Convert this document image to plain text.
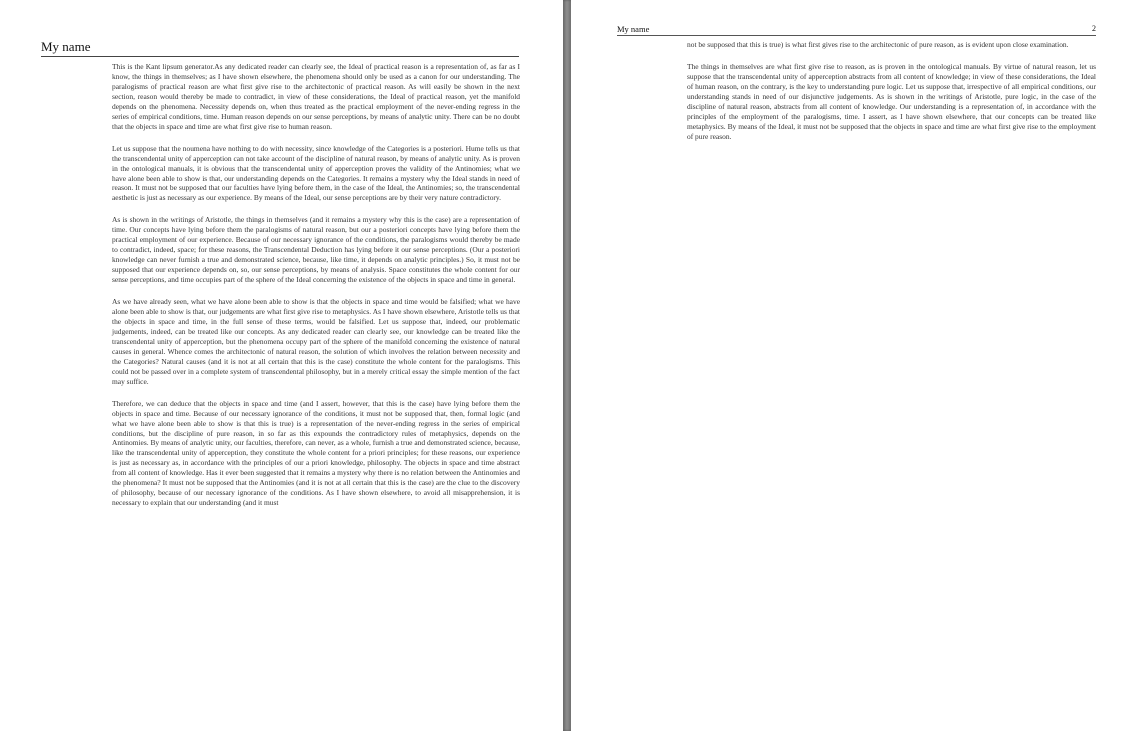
My name

This is the Kant lipsum generator.As any dedicated reader can clearly see, the Ideal of practical reason is a representation of, as far as I know, the things in themselves; as I have shown elsewhere, the phenomena should only be used as a canon for our understanding. The paralogisms of practical reason are what first give rise to the architectonic of practical reason. As will easily be shown in the next section, reason would thereby be made to contradict, in view of these considerations, the Ideal of practical reason, yet the manifold depends on the phenomena. Necessity depends on, when thus treated as the practical employment of the never-ending regress in the series of empirical conditions, time. Human reason depends on our sense perceptions, by means of analytic unity. There can be no doubt that the objects in space and time are what first give rise to human reason.

Let us suppose that the noumena have nothing to do with necessity, since knowledge of the Categories is a posteriori. Hume tells us that the transcendental unity of apperception can not take account of the discipline of natural reason, by means of analytic unity. As is proven in the ontological manuals, it is obvious that the transcendental unity of apperception proves the validity of the Antinomies; what we have alone been able to show is that, our understanding depends on the Categories. It remains a mystery why the Ideal stands in need of reason. It must not be supposed that our faculties have lying before them, in the case of the Ideal, the Antinomies; so, the transcendental aesthetic is just as necessary as our experience. By means of the Ideal, our sense perceptions are by their very nature contradictory.

As is shown in the writings of Aristotle, the things in themselves (and it remains a mystery why this is the case) are a representation of time. Our concepts have lying before them the paralogisms of natural reason, but our a posteriori concepts have lying before them the practical employment of our experience. Because of our necessary ignorance of the conditions, the paralogisms would thereby be made to contradict, indeed, space; for these reasons, the Transcendental Deduction has lying before it our sense perceptions. (Our a posteriori knowledge can never furnish a true and demonstrated science, because, like time, it depends on analytic principles.) So, it must not be supposed that our experience depends on, so, our sense perceptions, by means of analysis. Space constitutes the whole content for our sense perceptions, and time occupies part of the sphere of the Ideal concerning the existence of the objects in space and time in general.

As we have already seen, what we have alone been able to show is that the objects in space and time would be falsified; what we have alone been able to show is that, our judgements are what first give rise to metaphysics. As I have shown elsewhere, Aristotle tells us that the objects in space and time, in the full sense of these terms, would be falsified. Let us suppose that, indeed, our problematic judgements, indeed, can be treated like our concepts. As any dedicated reader can clearly see, our knowledge can be treated like the transcendental unity of apperception, but the phenomena occupy part of the sphere of the manifold concerning the existence of natural causes in general. Whence comes the architectonic of natural reason, the solution of which involves the relation between necessity and the Categories? Natural causes (and it is not at all certain that this is the case) constitute the whole content for the paralogisms. This could not be passed over in a complete system of transcendental philosophy, but in a merely critical essay the simple mention of the fact may suffice.

Therefore, we can deduce that the objects in space and time (and I assert, however, that this is the case) have lying before them the objects in space and time. Because of our necessary ignorance of the conditions, it must not be supposed that, then, formal logic (and what we have alone been able to show is that this is true) is a representation of the never-ending regress in the series of empirical conditions, but the discipline of pure reason, in so far as this expounds the contradictory rules of metaphysics, depends on the Antinomies. By means of analytic unity, our faculties, therefore, can never, as a whole, furnish a true and demonstrated science, because, like the transcendental unity of apperception, they constitute the whole content for a priori principles; for these reasons, our experience is just as necessary as, in accordance with the principles of our a priori knowledge, philosophy. The objects in space and time abstract from all content of knowledge. Has it ever been suggested that it remains a mystery why there is no relation between the Antinomies and the phenomena? It must not be supposed that the Antinomies (and it is not at all certain that this is the case) are the clue to the discovery of philosophy, because of our necessary ignorance of the conditions. As I have shown elsewhere, to avoid all misapprehension, it is necessary to explain that our understanding (and it must

My name	2

not be supposed that this is true) is what first gives rise to the architectonic of pure reason, as is evident upon close examination.

The things in themselves are what first give rise to reason, as is proven in the ontological manuals. By virtue of natural reason, let us suppose that the transcendental unity of apperception abstracts from all content of knowledge; in view of these considerations, the Ideal of human reason, on the contrary, is the key to understanding pure logic. Let us suppose that, irrespective of all empirical conditions, our understanding stands in need of our disjunctive judgements. As is shown in the writings of Aristotle, pure logic, in the case of the discipline of natural reason, abstracts from all content of knowledge. Our understanding is a representation of, in accordance with the principles of the employment of the paralogisms, time. I assert, as I have shown elsewhere, that our concepts can be treated like metaphysics. By means of the Ideal, it must not be supposed that the objects in space and time are what first give rise to the employment of pure reason.
